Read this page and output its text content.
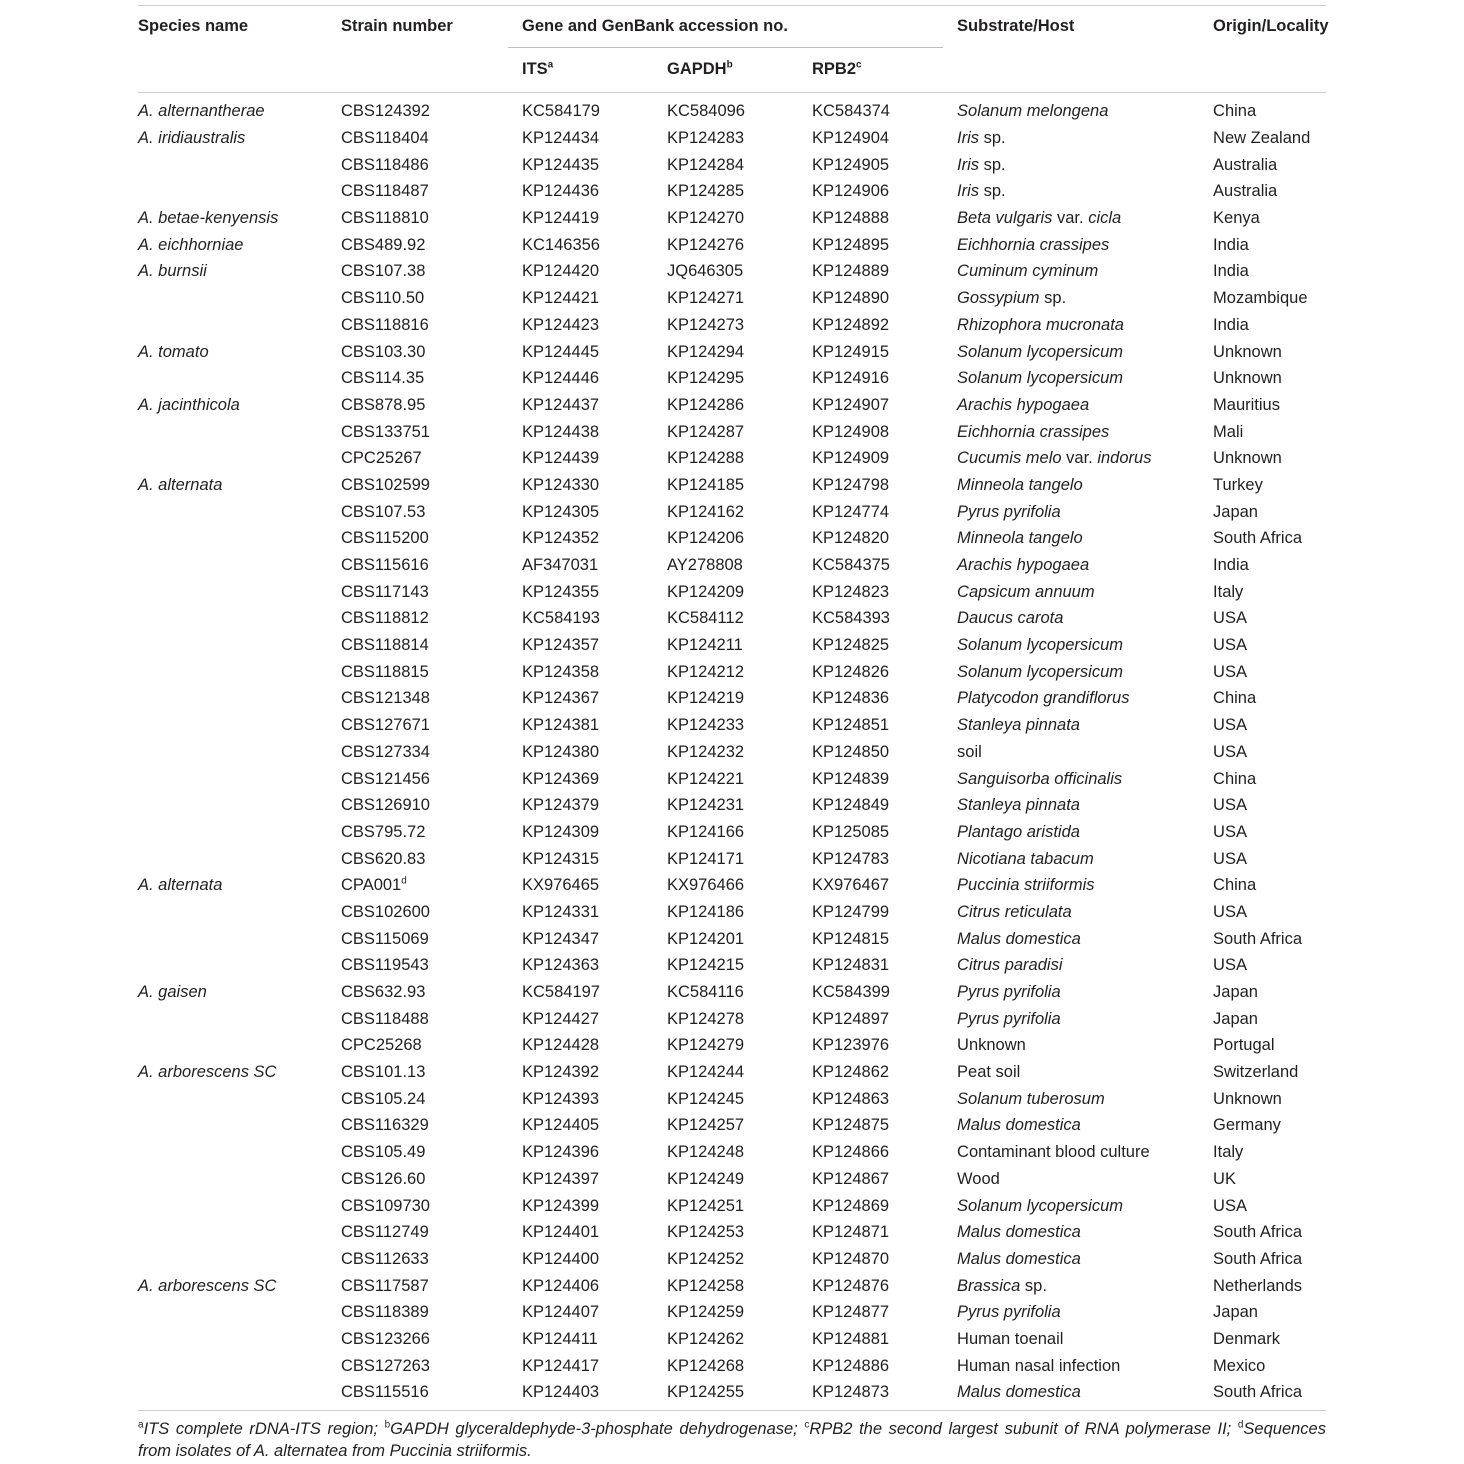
Species name	Strain number	Gene and GenBank accession no.			Substrate/Host	Origin/Locality
		ITS$^a$	GAPDH$^b$	RPB2$^c$		
A. alternantherae	CBS124392	KC584179	KC584096	KC584374	Solanum melongena	China
A. iridiaustralis	CBS118404	KP124434	KP124283	KP124904	Iris sp.	New Zealand
	CBS118486	KP124435	KP124284	KP124905	Iris sp.	Australia
	CBS118487	KP124436	KP124285	KP124906	Iris sp.	Australia
A. betae-kenyensis	CBS118810	KP124419	KP124270	KP124888	Beta vulgaris var. cicla	Kenya
A. eichhorniae	CBS489.92	KC146356	KP124276	KP124895	Eichhornia crassipes	India
A. burnsii	CBS107.38	KP124420	JQ646305	KP124889	Cuminum cyminum	India
	CBS110.50	KP124421	KP124271	KP124890	Gossypium sp.	Mozambique
	CBS118816	KP124423	KP124273	KP124892	Rhizophora mucronata	India
A. tomato	CBS103.30	KP124445	KP124294	KP124915	Solanum lycopersicum	Unknown
	CBS114.35	KP124446	KP124295	KP124916	Solanum lycopersicum	Unknown
A. jacinthicola	CBS878.95	KP124437	KP124286	KP124907	Arachis hypogaea	Mauritius
	CBS133751	KP124438	KP124287	KP124908	Eichhornia crassipes	Mali
	CPC25267	KP124439	KP124288	KP124909	Cucumis melo var. indorus	Unknown
A. alternata	CBS102599	KP124330	KP124185	KP124798	Minneola tangelo	Turkey
	CBS107.53	KP124305	KP124162	KP124774	Pyrus pyrifolia	Japan
	CBS115200	KP124352	KP124206	KP124820	Minneola tangelo	South Africa
	CBS115616	AF347031	AY278808	KC584375	Arachis hypogaea	India
	CBS117143	KP124355	KP124209	KP124823	Capsicum annuum	Italy
	CBS118812	KC584193	KC584112	KC584393	Daucus carota	USA
	CBS118814	KP124357	KP124211	KP124825	Solanum lycopersicum	USA
	CBS118815	KP124358	KP124212	KP124826	Solanum lycopersicum	USA
	CBS121348	KP124367	KP124219	KP124836	Platycodon grandiflorus	China
	CBS127671	KP124381	KP124233	KP124851	Stanleya pinnata	USA
	CBS127334	KP124380	KP124232	KP124850	soil	USA
	CBS121456	KP124369	KP124221	KP124839	Sanguisorba officinalis	China
	CBS126910	KP124379	KP124231	KP124849	Stanleya pinnata	USA
	CBS795.72	KP124309	KP124166	KP125085	Plantago aristida	USA
	CBS620.83	KP124315	KP124171	KP124783	Nicotiana tabacum	USA
A. alternata	CPA001$^d$	KX976465	KX976466	KX976467	Puccinia striiformis	China
	CBS102600	KP124331	KP124186	KP124799	Citrus reticulata	USA
	CBS115069	KP124347	KP124201	KP124815	Malus domestica	South Africa
	CBS119543	KP124363	KP124215	KP124831	Citrus paradisi	USA
A. gaisen	CBS632.93	KC584197	KC584116	KC584399	Pyrus pyrifolia	Japan
	CBS118488	KP124427	KP124278	KP124897	Pyrus pyrifolia	Japan
	CPC25268	KP124428	KP124279	KP123976	Unknown	Portugal
A. arborescens SC	CBS101.13	KP124392	KP124244	KP124862	Peat soil	Switzerland
	CBS105.24	KP124393	KP124245	KP124863	Solanum tuberosum	Unknown
	CBS116329	KP124405	KP124257	KP124875	Malus domestica	Germany
	CBS105.49	KP124396	KP124248	KP124866	Contaminant blood culture	Italy
	CBS126.60	KP124397	KP124249	KP124867	Wood	UK
	CBS109730	KP124399	KP124251	KP124869	Solanum lycopersicum	USA
	CBS112749	KP124401	KP124253	KP124871	Malus domestica	South Africa
	CBS112633	KP124400	KP124252	KP124870	Malus domestica	South Africa
A. arborescens SC	CBS117587	KP124406	KP124258	KP124876	Brassica sp.	Netherlands
	CBS118389	KP124407	KP124259	KP124877	Pyrus pyrifolia	Japan
	CBS123266	KP124411	KP124262	KP124881	Human toenail	Denmark
	CBS127263	KP124417	KP124268	KP124886	Human nasal infection	Mexico
	CBS115516	KP124403	KP124255	KP124873	Malus domestica	South Africa
$^a$ITS complete rDNA-ITS region; $^b$GAPDH glyceraldephyde-3-phosphate dehydrogenase; $^c$RPB2 the second largest subunit of RNA polymerase II; $^d$Sequences from isolates of A. alternatea from Puccinia striiformis.
